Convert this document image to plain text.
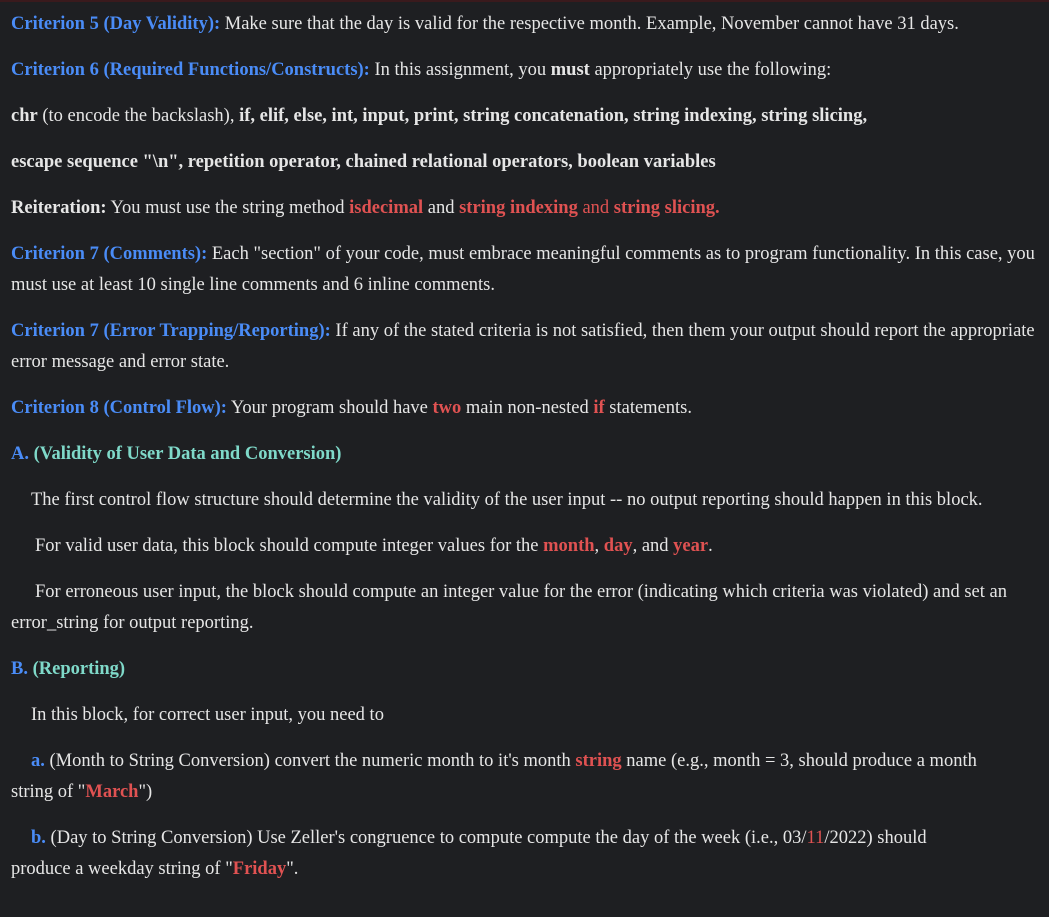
Criterion 5 (Day Validity): Make sure that the day is valid for the respective month. Example, November cannot have 31 days.

Criterion 6 (Required Functions/Constructs): In this assignment, you must appropriately use the following:

chr (to encode the backslash), if, elif, else, int, input, print, string concatenation, string indexing, string slicing,

escape sequence "\n", repetition operator, chained relational operators, boolean variables

Reiteration: You must use the string method isdecimal and string indexing and string slicing.

Criterion 7 (Comments): Each "section" of your code, must embrace meaningful comments as to program functionality. In this case, you must use at least 10 single line comments and 6 inline comments.

Criterion 7 (Error Trapping/Reporting): If any of the stated criteria is not satisfied, then them your output should report the appropriate error message and error state.

Criterion 8 (Control Flow): Your program should have two main non-nested if statements.

A. (Validity of User Data and Conversion)

The first control flow structure should determine the validity of the user input -- no output reporting should happen in this block.

For valid user data, this block should compute integer values for the month, day, and year.

For erroneous user input, the block should compute an integer value for the error (indicating which criteria was violated) and set an error_string for output reporting.

B. (Reporting)

In this block, for correct user input, you need to

a. (Month to String Conversion) convert the numeric month to it's month string name (e.g., month = 3, should produce a month

string of "March")

b. (Day to String Conversion) Use Zeller's congruence to compute compute the day of the week (i.e., 03/11/2022) should

produce a weekday string of "Friday".
